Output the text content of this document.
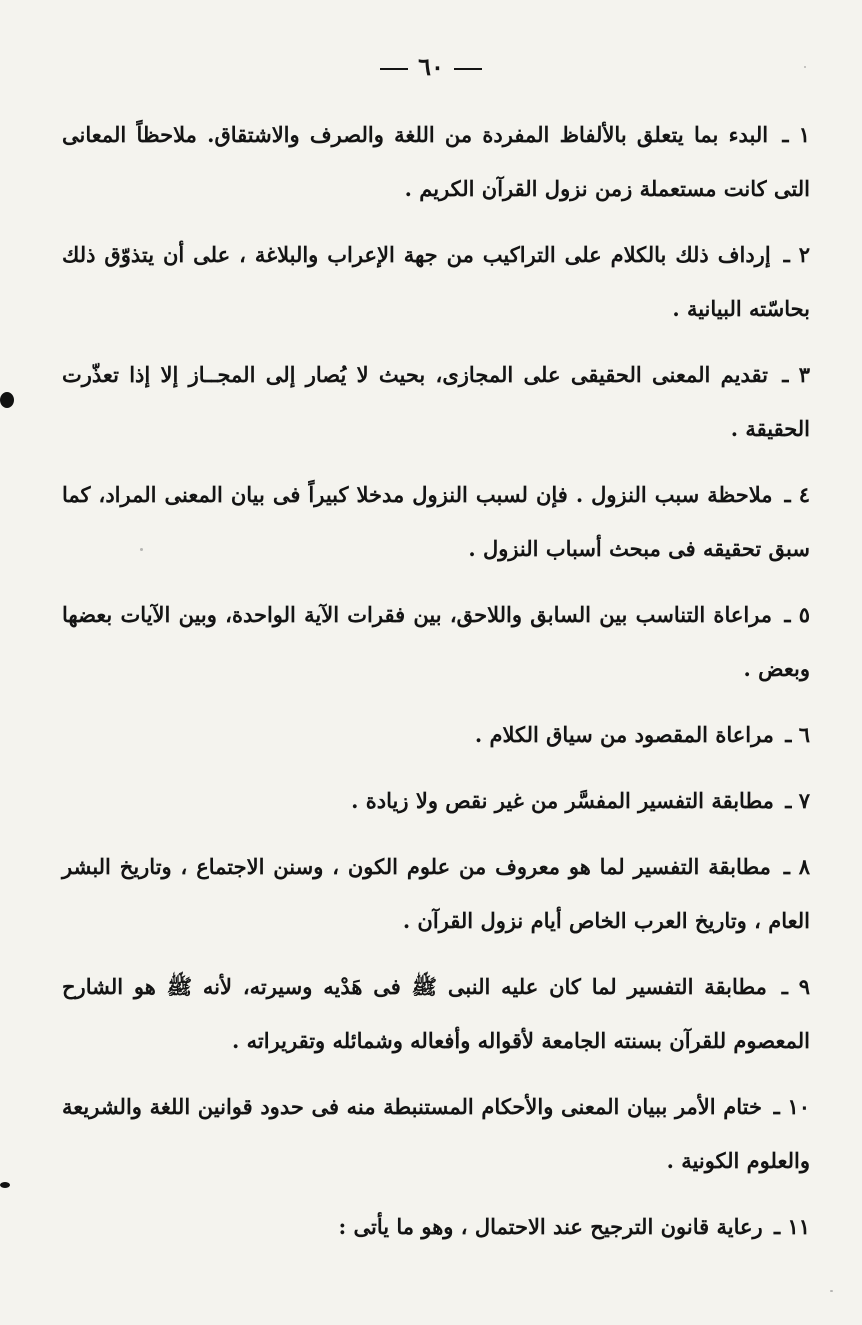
٦٠

١ ـ البدء بما يتعلق بالألفاظ المفردة من اللغة والصرف والاشتقاق. ملاحظاً المعانى التى كانت مستعملة زمن نزول القرآن الكريم .

٢ ـ إرداف ذلك بالكلام على التراكيب من جهة الإعراب والبلاغة ، على أن يتذوّق ذلك بحاسّته البيانية .

٣ ـ تقديم المعنى الحقيقى على المجازى، بحيث لا يُصار إلى المجــاز إلا إذا تعذّرت الحقيقة .

٤ ـ ملاحظة سبب النزول . فإن لسبب النزول مدخلا كبيراً فى بيان المعنى المراد، كما سبق تحقيقه فى مبحث أسباب النزول .

٥ ـ مراعاة التناسب بين السابق واللاحق، بين فقرات الآية الواحدة، وبين الآيات بعضها وبعض .

٦ ـ مراعاة المقصود من سياق الكلام .

٧ ـ مطابقة التفسير المفسَّر من غير نقص ولا زيادة .

٨ ـ مطابقة التفسير لما هو معروف من علوم الكون ، وسنن الاجتماع ، وتاريخ البشر العام ، وتاريخ العرب الخاص أيام نزول القرآن .

٩ ـ مطابقة التفسير لما كان عليه النبى ﷺ فى هَدْيه وسيرته، لأنه ﷺ هو الشارح المعصوم للقرآن بسنته الجامعة لأقواله وأفعاله وشمائله وتقريراته .

١٠ ـ ختام الأمر ببيان المعنى والأحكام المستنبطة منه فى حدود قوانين اللغة والشريعة والعلوم الكونية .

١١ ـ رعاية قانون الترجيح عند الاحتمال ، وهو ما يأتى :
